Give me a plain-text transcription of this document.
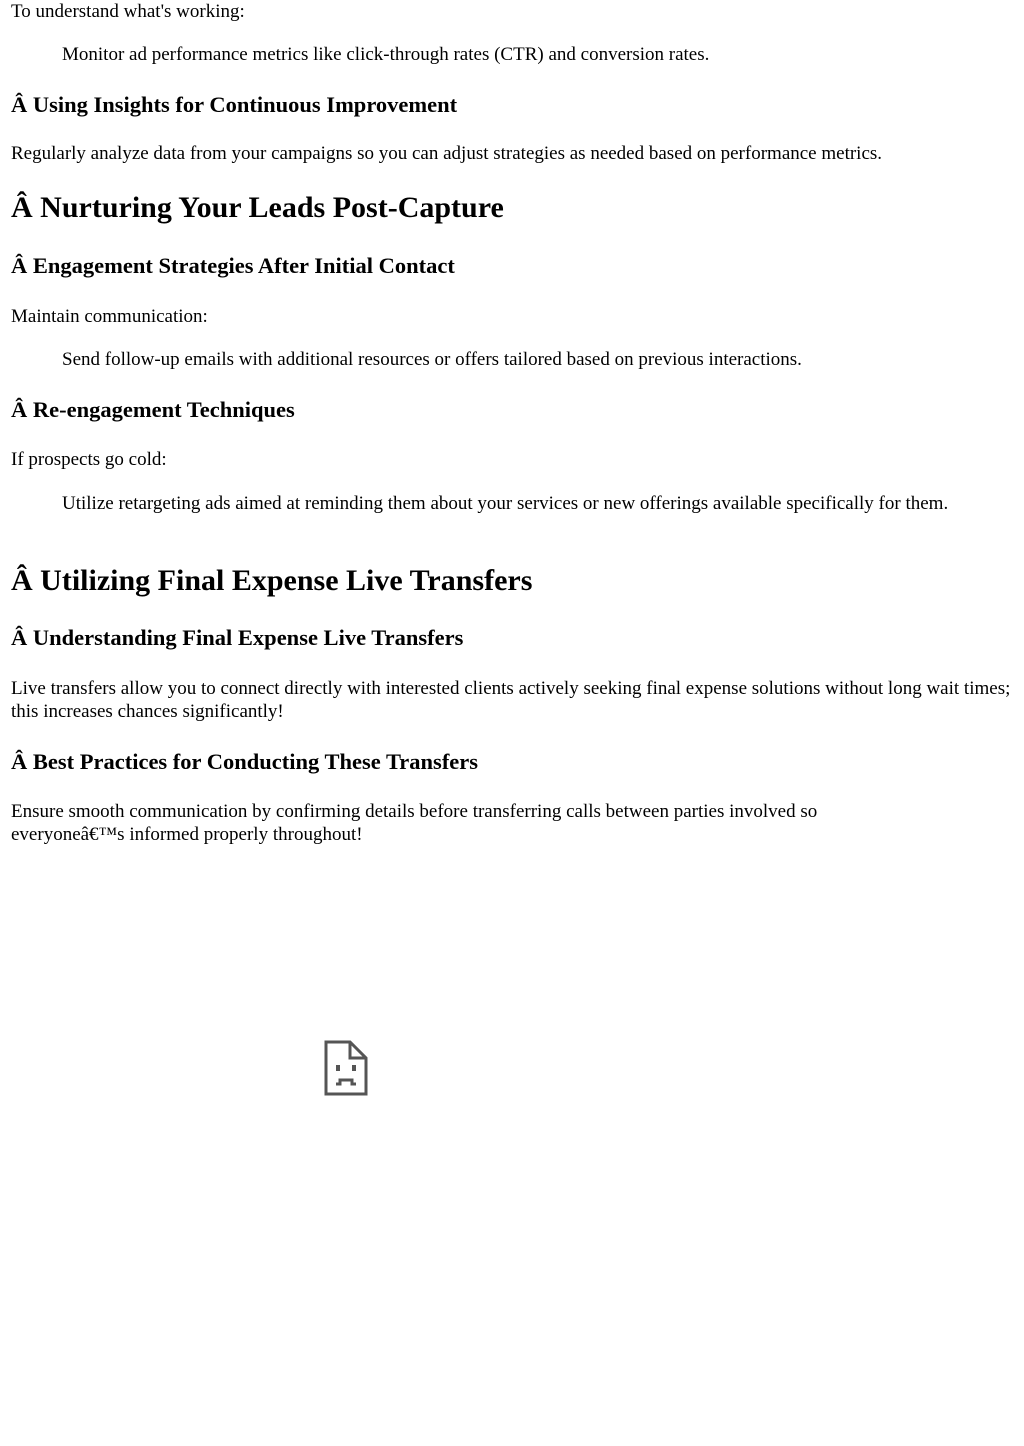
To understand what's working:

Monitor ad performance metrics like click-through rates (CTR) and conversion rates.

Â Using Insights for Continuous Improvement

Regularly analyze data from your campaigns so you can adjust strategies as needed based on performance metrics.

Â Nurturing Your Leads Post-Capture
Â Engagement Strategies After Initial Contact

Maintain communication:

Send follow-up emails with additional resources or offers tailored based on previous interactions.

Â Re-engagement Techniques

If prospects go cold:

Utilize retargeting ads aimed at reminding them about your services or new offerings available specifically for them.

Â Utilizing Final Expense Live Transfers
Â Understanding Final Expense Live Transfers

Live transfers allow you to connect directly with interested clients actively seeking final expense solutions without long wait times; this increases chances significantly!

Â Best Practices for Conducting These Transfers

Ensure smooth communication by confirming details before transferring calls between parties involved so everyoneâ€™s informed properly throughout!
